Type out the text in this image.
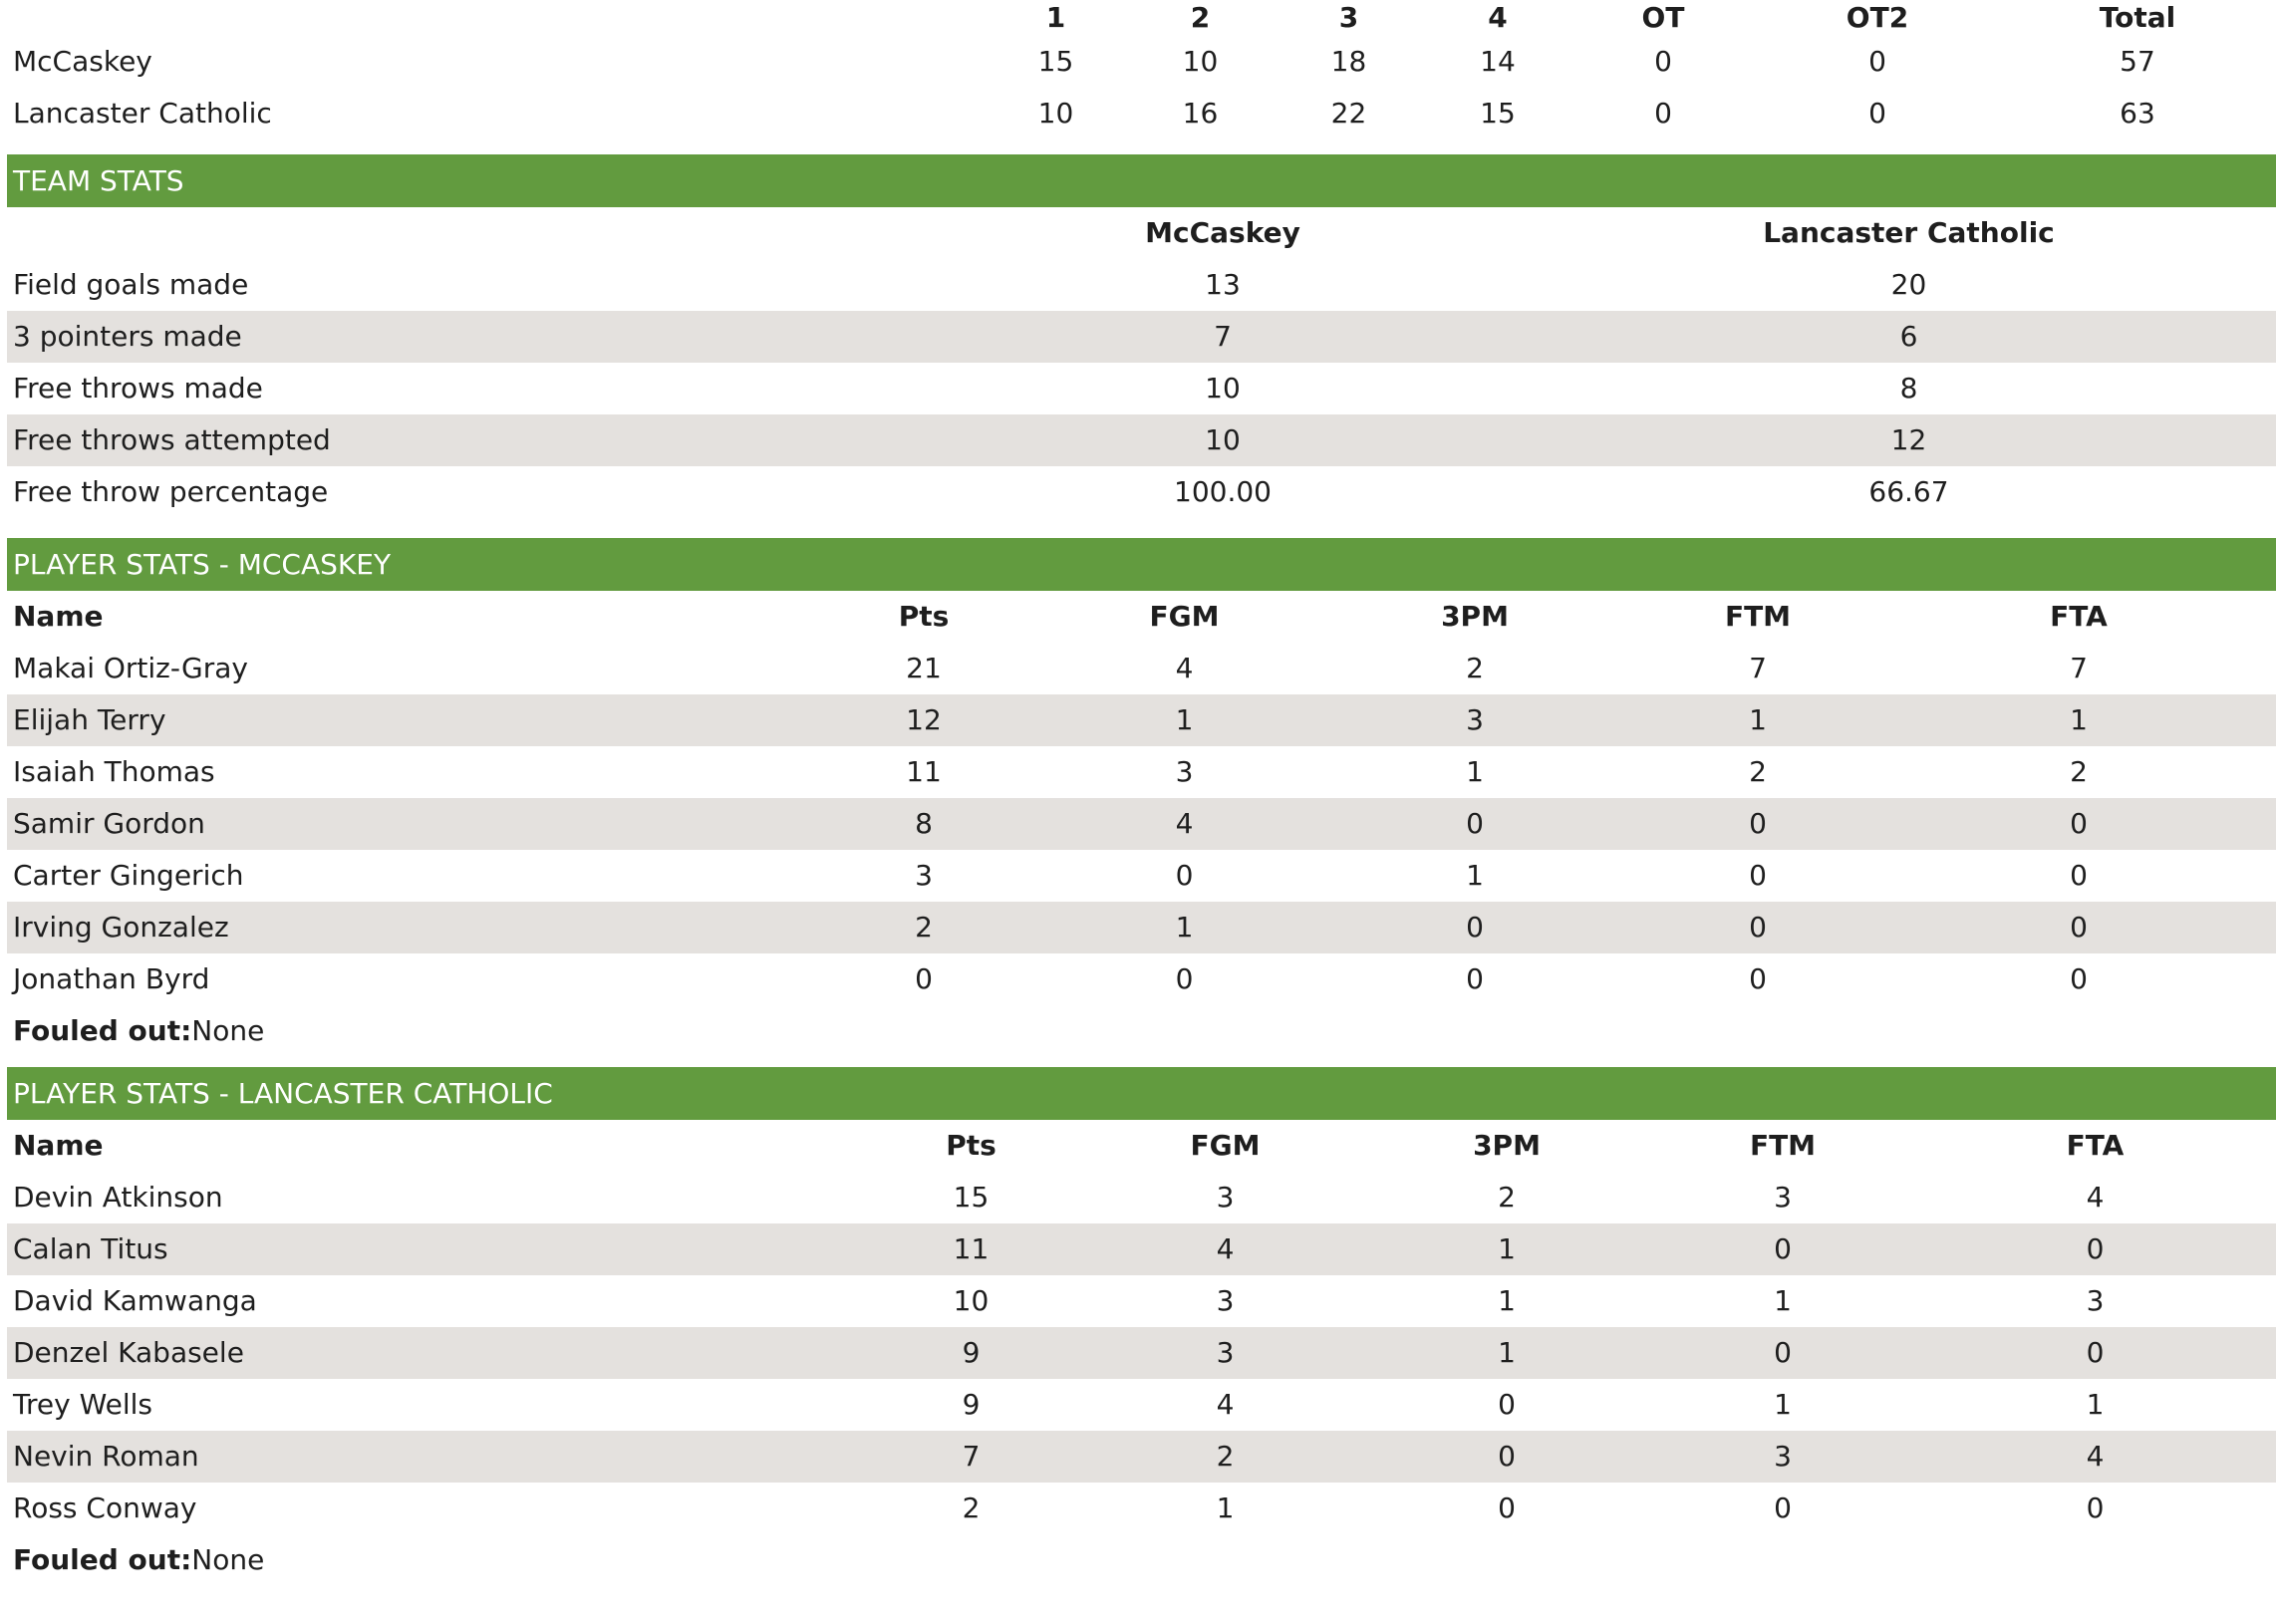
	1	2	3	4	OT	OT2	Total
McCaskey	15	10	18	14	0	0	57
Lancaster Catholic	10	16	22	15	0	0	63
TEAM STATS
	McCaskey	Lancaster Catholic
Field goals made	13	20
3 pointers made	7	6
Free throws made	10	8
Free throws attempted	10	12
Free throw percentage	100.00	66.67
PLAYER STATS - MCCASKEY
Name	Pts	FGM	3PM	FTM	FTA
Makai Ortiz-Gray	21	4	2	7	7
Elijah Terry	12	1	3	1	1
Isaiah Thomas	11	3	1	2	2
Samir Gordon	8	4	0	0	0
Carter Gingerich	3	0	1	0	0
Irving Gonzalez	2	1	0	0	0
Jonathan Byrd	0	0	0	0	0
Fouled out:None					
PLAYER STATS - LANCASTER CATHOLIC
Name	Pts	FGM	3PM	FTM	FTA
Devin Atkinson	15	3	2	3	4
Calan Titus	11	4	1	0	0
David Kamwanga	10	3	1	1	3
Denzel Kabasele	9	3	1	0	0
Trey Wells	9	4	0	1	1
Nevin Roman	7	2	0	3	4
Ross Conway	2	1	0	0	0
Fouled out:None					
